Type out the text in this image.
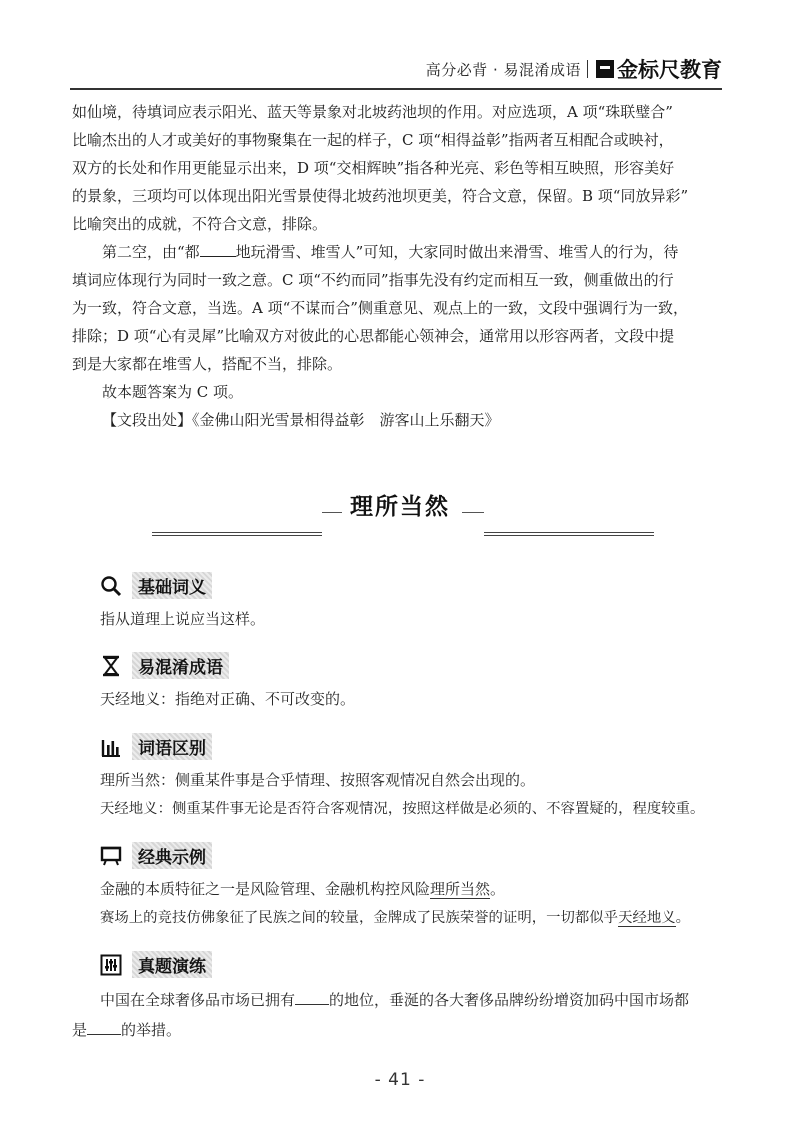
高分必背 · 易混淆成语 金标尺教育

如仙境，待填词应表示阳光、蓝天等景象对北坡药池坝的作用。对应选项，A 项“珠联璧合”

比喻杰出的人才或美好的事物聚集在一起的样子，C 项“相得益彰”指两者互相配合或映衬，

双方的长处和作用更能显示出来，D 项“交相辉映”指各种光亮、彩色等相互映照，形容美好

的景象，三项均可以体现出阳光雪景使得北坡药池坝更美，符合文意，保留。B 项“同放异彩”

比喻突出的成就，不符合文意，排除。

第二空，由“都 地玩滑雪、堆雪人”可知，大家同时做出来滑雪、堆雪人的行为，待

填词应体现行为同时一致之意。C 项“不约而同”指事先没有约定而相互一致，侧重做出的行

为一致，符合文意，当选。A 项“不谋而合”侧重意见、观点上的一致，文段中强调行为一致，

排除；D 项“心有灵犀”比喻双方对彼此的心思都能心领神会，通常用以形容两者，文段中提

到是大家都在堆雪人，搭配不当，排除。

故本题答案为 C 项。

【文段出处】《金佛山阳光雪景相得益彰　游客山上乐翻天》

理所当然
基础词义
指从道理上说应当这样。
易混淆成语
天经地义：指绝对正确、不可改变的。
词语区别
理所当然：侧重某件事是合乎情理、按照客观情况自然会出现的。
天经地义：侧重某件事无论是否符合客观情况，按照这样做是必须的、不容置疑的，程度较重。
经典示例
金融的本质特征之一是风险管理、金融机构控风险理所当然。
赛场上的竞技仿佛象征了民族之间的较量，金牌成了民族荣誉的证明，一切都似乎天经地义。
真题演练
中国在全球奢侈品市场已拥有 的地位，垂涎的各大奢侈品牌纷纷增资加码中国市场都
是 的举措。
- 41 -
